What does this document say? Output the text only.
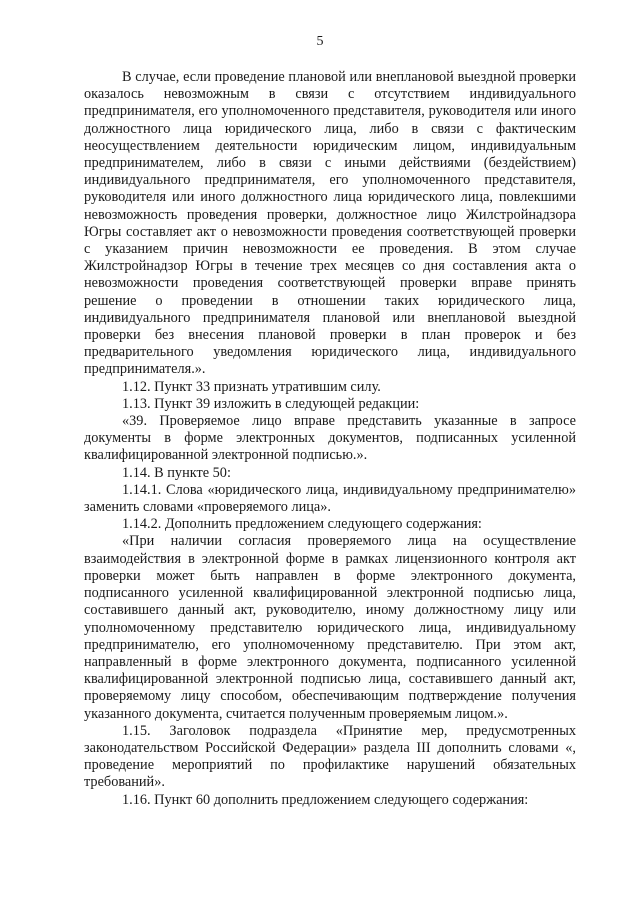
5

В случае, если проведение плановой или внеплановой выездной проверки оказалось невозможным в связи с отсутствием индивидуального предпринимателя, его уполномоченного представителя, руководителя или иного должностного лица юридического лица, либо в связи с фактическим неосуществлением деятельности юридическим лицом, индивидуальным предпринимателем, либо в связи с иными действиями (бездействием) индивидуального предпринимателя, его уполномоченного представителя, руководителя или иного должностного лица юридического лица, повлекшими невозможность проведения проверки, должностное лицо Жилстройнадзора Югры составляет акт о невозможности проведения соответствующей проверки с указанием причин невозможности ее проведения. В этом случае Жилстройнадзор Югры в течение трех месяцев со дня составления акта о невозможности проведения соответствующей проверки вправе принять решение о проведении в отношении таких юридического лица, индивидуального предпринимателя плановой или внеплановой выездной проверки без внесения плановой проверки в план проверок и без предварительного уведомления юридического лица, индивидуального предпринимателя.».

1.12. Пункт 33 признать утратившим силу.

1.13. Пункт 39 изложить в следующей редакции:

«39. Проверяемое лицо вправе представить указанные в запросе документы в форме электронных документов, подписанных усиленной квалифицированной электронной подписью.».

1.14. В пункте 50:

1.14.1. Слова «юридического лица, индивидуальному предпринимателю» заменить словами «проверяемого лица».

1.14.2. Дополнить предложением следующего содержания:

«При наличии согласия проверяемого лица на осуществление взаимодействия в электронной форме в рамках лицензионного контроля акт проверки может быть направлен в форме электронного документа, подписанного усиленной квалифицированной электронной подписью лица, составившего данный акт, руководителю, иному должностному лицу или уполномоченному представителю юридического лица, индивидуальному предпринимателю, его уполномоченному представителю. При этом акт, направленный в форме электронного документа, подписанного усиленной квалифицированной электронной подписью лица, составившего данный акт, проверяемому лицу способом, обеспечивающим подтверждение получения указанного документа, считается полученным проверяемым лицом.».

1.15. Заголовок подраздела «Принятие мер, предусмотренных законодательством Российской Федерации» раздела III дополнить словами «, проведение мероприятий по профилактике нарушений обязательных требований».

1.16. Пункт 60 дополнить предложением следующего содержания:
